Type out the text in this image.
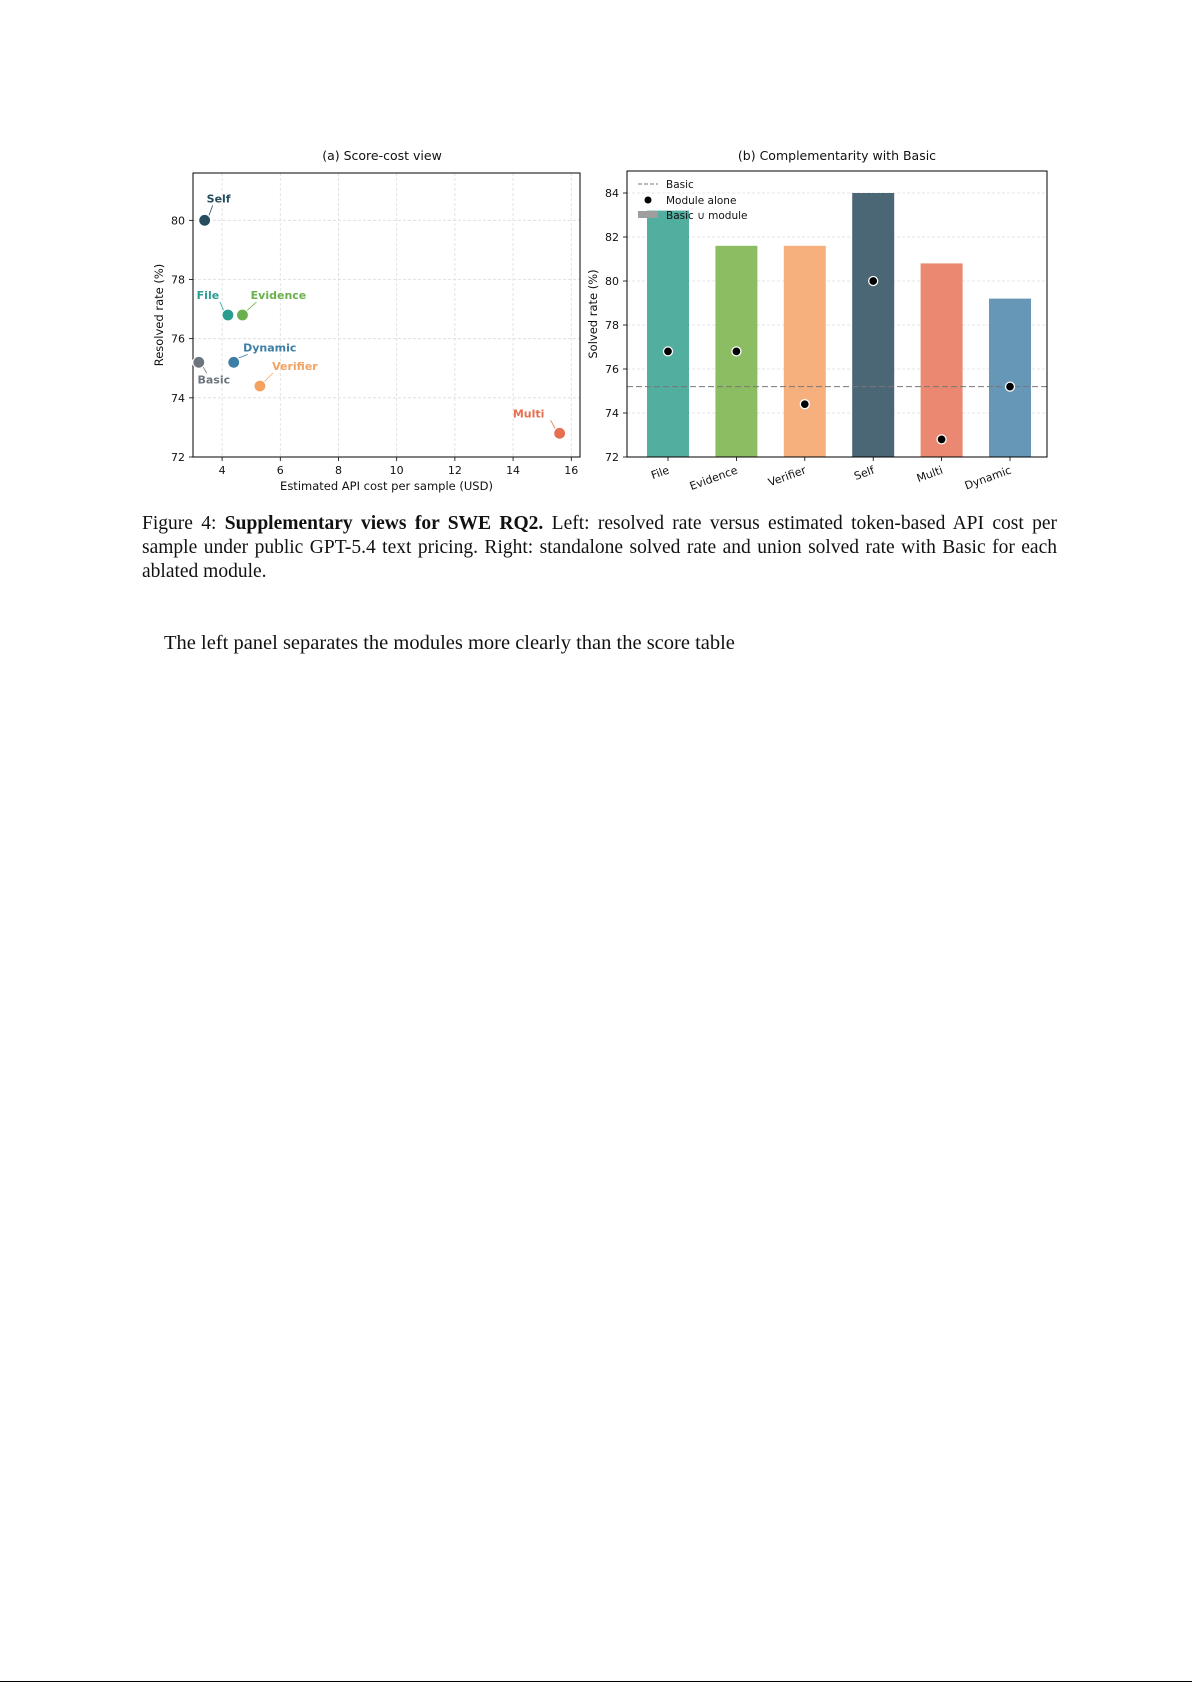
(a) Score-cost view	(b) Complementarity with Basic
4	6	8	10	12	14	16
72
74
76
78
80
Estimated API cost per sample (USD)
Resolved rate (%)
Self
File	Evidence
Dynamic
Basic
Verifier
Multi
72
74
76
78
80
82
84
File Evidence Verifier	Self	Multi Dynamic
Solved rate (%)
Basic
Module alone
Basic ∪ module
Figure 4: Supplementary views for SWE RQ2. Left: resolved rate versus estimated token-based API cost per sample under public GPT-5.4 text pricing. Right: standalone solved rate and union solved rate with Basic for each ablated module.
The left panel separates the modules more clearly than the score table
